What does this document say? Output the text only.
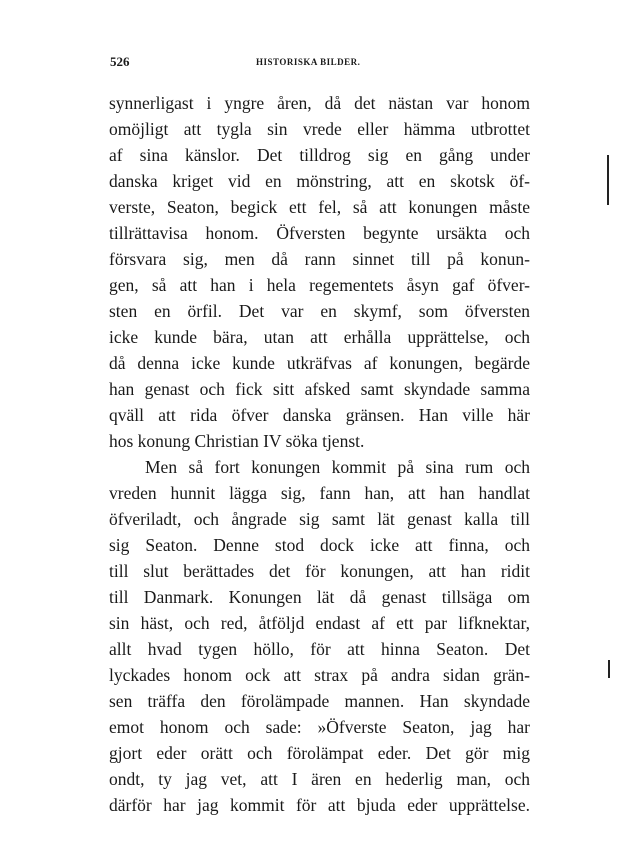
526	HISTORISKA BILDER.
synnerligast i yngre åren, då det nästan var honom
omöjligt att tygla sin vrede eller hämma utbrottet
af sina känslor. Det tilldrog sig en gång under
danska kriget vid en mönstring, att en skotsk öf-
verste, Seaton, begick ett fel, så att konungen måste
tillrättavisa honom. Öfversten begynte ursäkta och
försvara sig, men då rann sinnet till på konun-
gen, så att han i hela regementets åsyn gaf öfver-
sten en örfil. Det var en skymf, som öfversten
icke kunde bära, utan att erhålla upprättelse, och
då denna icke kunde utkräfvas af konungen, begärde
han genast och fick sitt afsked samt skyndade samma
qväll att rida öfver danska gränsen. Han ville här
hos konung Christian IV söka tjenst.
Men så fort konungen kommit på sina rum och
vreden hunnit lägga sig, fann han, att han handlat
öfveriladt, och ångrade sig samt lät genast kalla till
sig Seaton. Denne stod dock icke att finna, och
till slut berättades det för konungen, att han ridit
till Danmark. Konungen lät då genast tillsäga om
sin häst, och red, åtföljd endast af ett par lifknektar,
allt hvad tygen höllo, för att hinna Seaton. Det
lyckades honom ock att strax på andra sidan grän-
sen träffa den förolämpade mannen. Han skyndade
emot honom och sade: »Öfverste Seaton, jag har
gjort eder orätt och förolämpat eder. Det gör mig
ondt, ty jag vet, att I ären en hederlig man, och
därför har jag kommit för att bjuda eder upprättelse.
